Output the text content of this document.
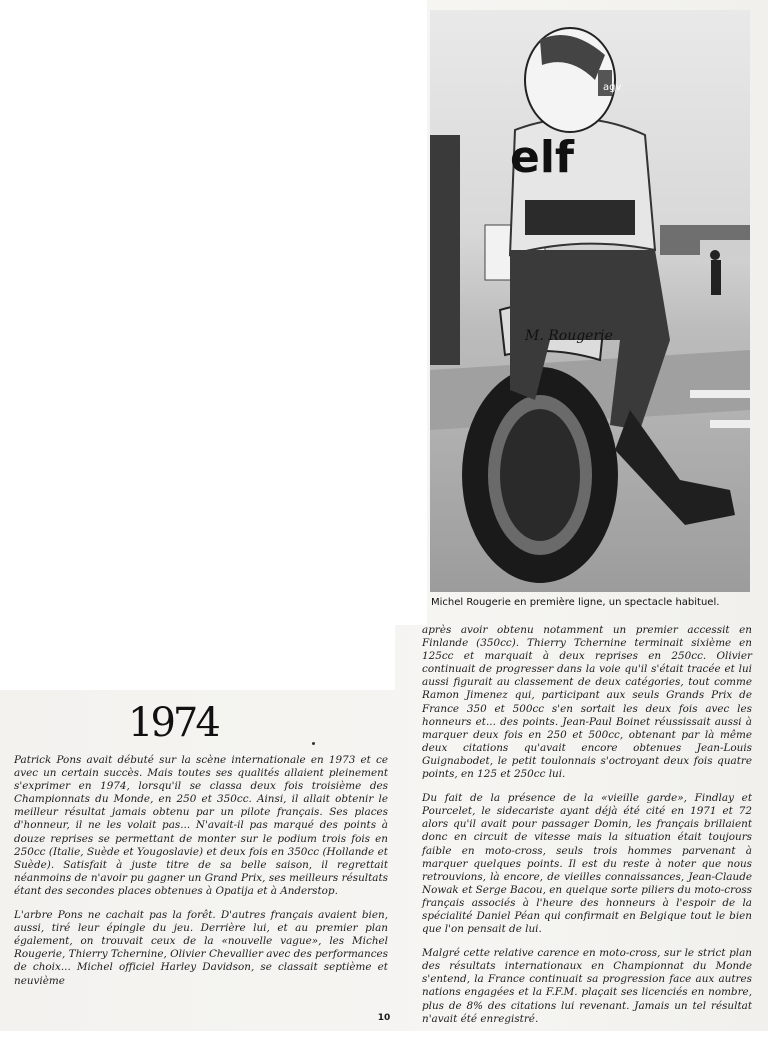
agv
elf
M. Rougerie
Michel Rougerie en première ligne, un spectacle habituel.
1974

Patrick Pons avait débuté sur la scène internationale en 1973 et ce avec un certain succès. Mais toutes ses qualités allaient pleinement s'exprimer en 1974, lorsqu'il se classa deux fois troisième des Championnats du Monde, en 250 et 350cc. Ainsi, il allait obtenir le meilleur résultat jamais obtenu par un pilote français. Ses places d'honneur, il ne les volait pas... N'avait-il pas marqué des points à douze reprises se permettant de monter sur le podium trois fois en 250cc (Italie, Suède et Yougoslavie) et deux fois en 350cc (Hollande et Suède). Satisfait à juste titre de sa belle saison, il regrettait néanmoins de n'avoir pu gagner un Grand Prix, ses meilleurs résultats étant des secondes places obtenues à Opatija et à Anderstop.

L'arbre Pons ne cachait pas la forêt. D'autres français avaient bien, aussi, tiré leur épingle du jeu. Derrière lui, et au premier plan également, on trouvait ceux de la «nouvelle vague», les Michel Rougerie, Thierry Tchernine, Olivier Chevallier avec des performances de choix... Michel officiel Harley Davidson, se classait septième et neuvième

après avoir obtenu notamment un premier accessit en Finlande (350cc). Thierry Tchernine terminait sixième en 125cc et marquait à deux reprises en 250cc. Olivier continuait de progresser dans la voie qu'il s'était tracée et lui aussi figurait au classement de deux catégories, tout comme Ramon Jimenez qui, participant aux seuls Grands Prix de France 350 et 500cc s'en sortait les deux fois avec les honneurs et... des points. Jean-Paul Boinet réussissait aussi à marquer deux fois en 250 et 500cc, obtenant par là même deux citations qu'avait encore obtenues Jean-Louis Guignabodet, le petit toulonnais s'octroyant deux fois quatre points, en 125 et 250cc lui.

Du fait de la présence de la «vieille garde», Findlay et Pourcelet, le sidecariste ayant déjà été cité en 1971 et 72 alors qu'il avait pour passager Domin, les français brillaient donc en circuit de vitesse mais la situation était toujours faible en moto-cross, seuls trois hommes parvenant à marquer quelques points. Il est du reste à noter que nous retrouvions, là encore, de vieilles connaissances, Jean-Claude Nowak et Serge Bacou, en quelque sorte piliers du moto-cross français associés à l'heure des honneurs à l'espoir de la spécialité Daniel Péan qui confirmait en Belgique tout le bien que l'on pensait de lui.

Malgré cette relative carence en moto-cross, sur le strict plan des résultats internationaux en Championnat du Monde s'entend, la France continuait sa progression face aux autres nations engagées et la F.F.M. plaçait ses licenciés en nombre, plus de 8% des citations lui revenant. Jamais un tel résultat n'avait été enregistré.

10
